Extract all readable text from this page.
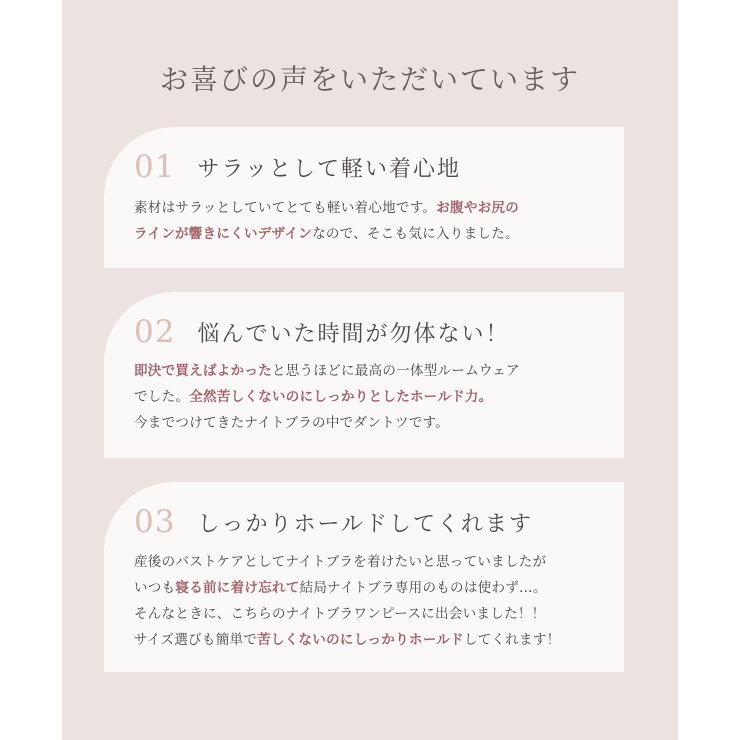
お喜びの声をいただいています
01 サラッとして軽い着心地
素材はサラッとしていてとても軽い着心地です。お腹やお尻の
ラインが響きにくいデザインなので、そこも気に入りました。
02 悩んでいた時間が勿体ない！
即決で買えばよかったと思うほどに最高の一体型ルームウェア
でした。全然苦しくないのにしっかりとしたホールド力。
今までつけてきたナイトブラの中でダントツです。
03 しっかりホールドしてくれます
産後のバストケアとしてナイトブラを着けたいと思っていましたが
いつも寝る前に着け忘れて結局ナイトブラ専用のものは使わず…。
そんなときに、こちらのナイトブラワンピースに出会いました！！
サイズ選びも簡単で苦しくないのにしっかりホールドしてくれます！
